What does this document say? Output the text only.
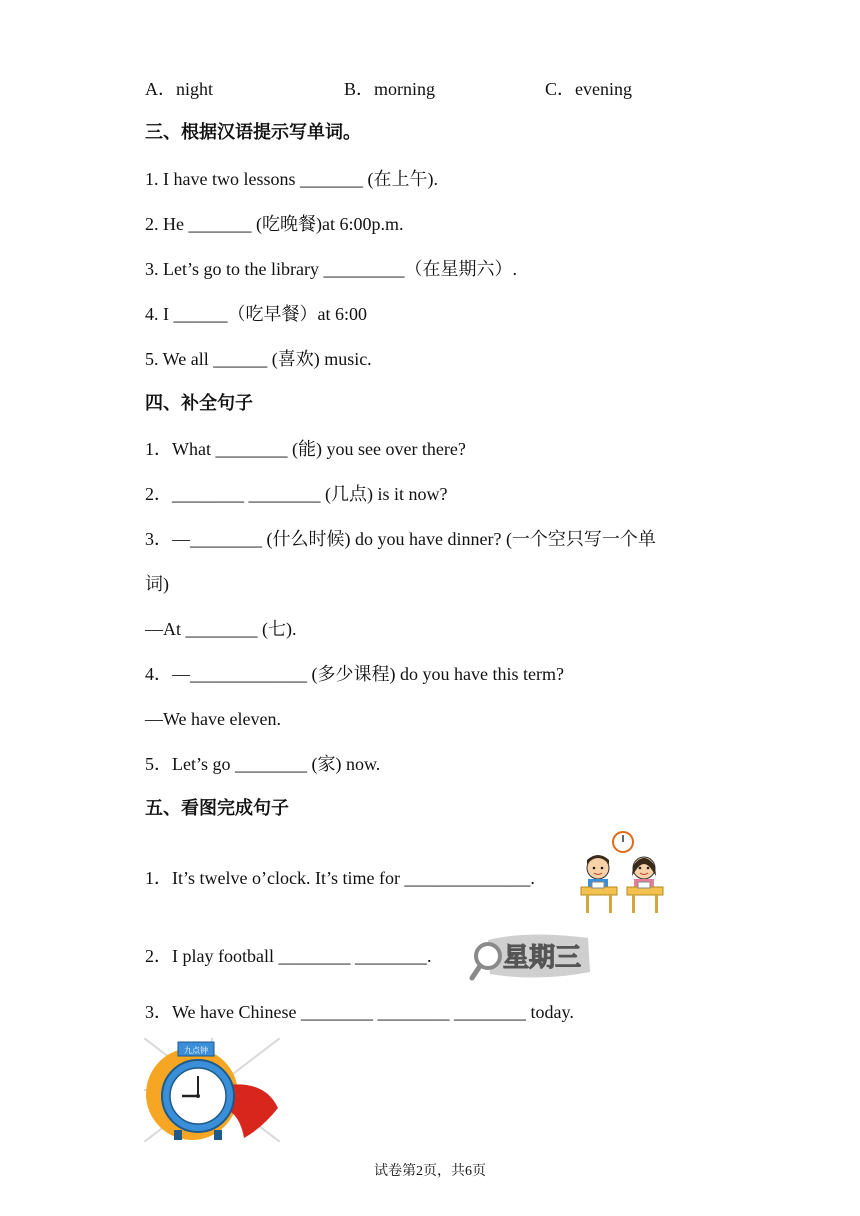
A．night	B．morning	C．evening
三、根据汉语提示写单词。
1. I have two lessons _______ (在上午).
2. He _______ (吃晚餐)at 6:00p.m.
3. Let’s go to the library _________（在星期六）.
4. I ______（吃早餐）at 6:00
5. We all ______ (喜欢) music.
四、补全句子
1．What ________ (能) you see over there?
2．________ ________ (几点) is it now?
3．—________ (什么时候) do you have dinner? (一个空只写一个单
词)
—At ________ (七).
4．—_____________ (多少课程) do you have this term?
—We have eleven.
5．Let’s go ________ (家) now.
五、看图完成句子
1．It’s twelve o’clock. It’s time for ______________.
2．I play football ________ ________.
3．We have Chinese ________ ________ ________ today.
星期三
九点钟
试卷第2页，共6页
